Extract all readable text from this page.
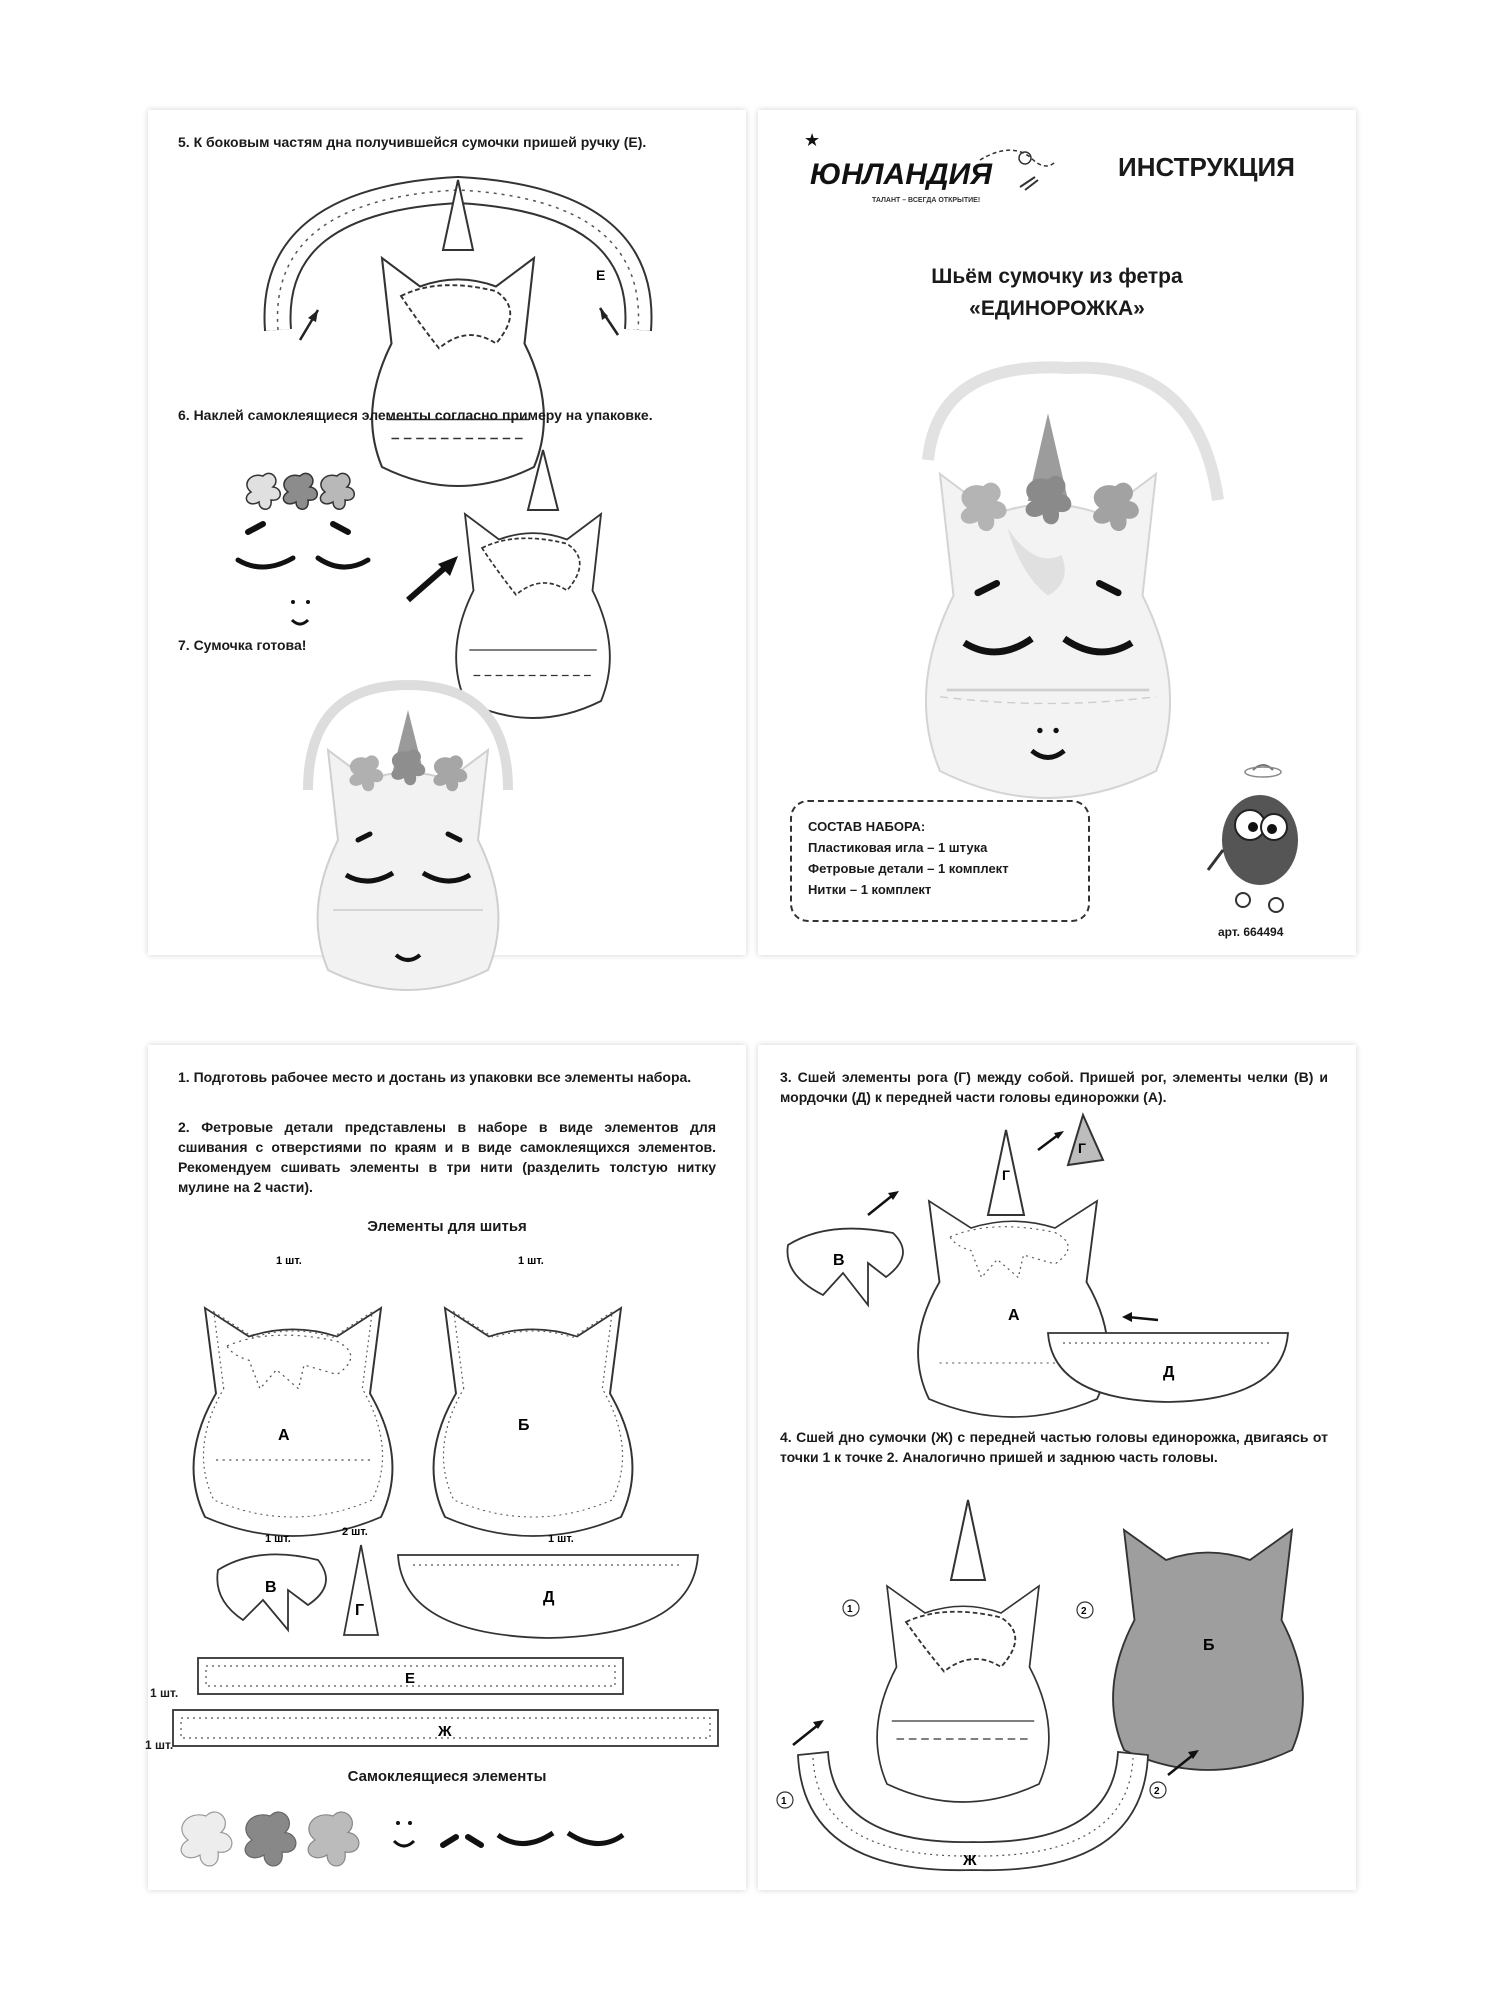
5. К боковым частям дна получившейся сумочки пришей ручку (Е).

Е

6. Наклей самоклеящиеся элементы согласно примеру на упаковке.

7. Сумочка готова!

★
ЮНЛАНДИЯ
ТАЛАНТ – ВСЕГДА ОТКРЫТИЕ!

ИНСТРУКЦИЯ

Шьём сумочку из фетра

«ЕДИНОРОЖКА»

СОСТАВ НАБОРА:
Пластиковая игла – 1 штука
Фетровые детали – 1 комплект
Нитки – 1 комплект

арт. 664494

1. Подготовь рабочее место и достань из упаковки все элементы набора.

2. Фетровые детали представлены в наборе в виде элементов для сшивания с отверстиями по краям и в виде самоклеящихся элементов. Рекомендуем сшивать элементы в три нити (разделить толстую нитку мулине на 2 части).

Элементы для шитья

1 шт.
А
1 шт.
Б
1 шт.
В
2 шт.
Г
1 шт.
Д
Е
Ж

1 шт.

1 шт.

Самоклеящиеся элементы

3. Сшей элементы рога (Г) между собой. Пришей рог, элементы челки (В) и мордочки (Д) к передней части головы единорожки (А).

Г
Г
А
В
Д

4. Сшей дно сумочки (Ж) с передней частью головы единорожка, двигаясь от точки 1 к точке 2. Аналогично пришей и заднюю часть головы.

1	2
Б
Ж
1
2
